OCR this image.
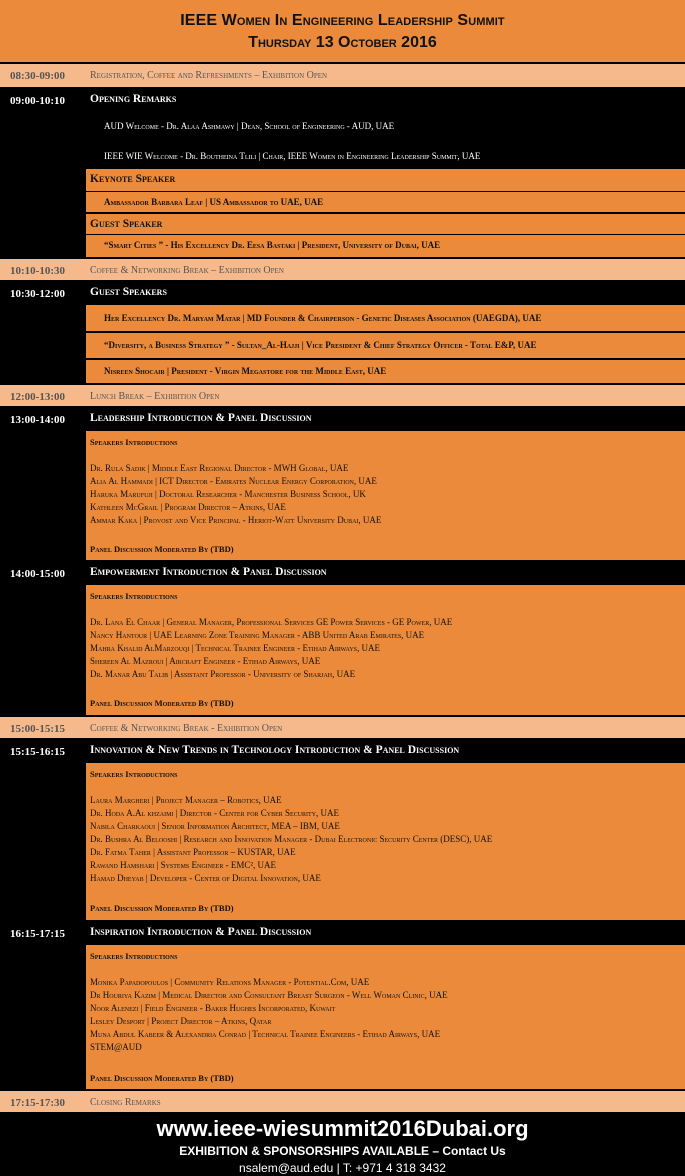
IEEE Women In Engineering Leadership Summit
Thursday 13 October 2016
08:30-09:00	Registration, Coffee and Refreshments – Exhibition Open
09:00-10:10	Opening Remarks
AUD Welcome - Dr. Alaa Ashmawy | Dean, School of Engineering - AUD, UAE
IEEE WIE Welcome - Dr. Boutheina Tlili | Chair, IEEE Women in Engineering Leadership Summit, UAE
Keynote Speaker
Ambassador Barbara Leaf | US Ambassador to UAE, UAE
Guest Speaker
“Smart Cities ” - His Excellency Dr. Eesa Bastaki | President, University of Dubai, UAE
10:10-10:30	Coffee & Networking Break – Exhibition Open
10:30-12:00	Guest Speakers
Her Excellency Dr. Maryam Matar | MD Founder & Chairperson - Genetic Diseases Association (UAEGDA), UAE
“Diversity, a Business Strategy ” - Sultan_Al-Hajji | Vice President & Chief Strategy Officer - Total E&P, UAE
Nisreen Shocair | President - Virgin Megastore for the Middle East, UAE
12:00-13:00	Lunch Break – Exhibition Open
13:00-14:00	Leadership Introduction & Panel Discussion
Speakers Introductions
Dr. Rula Sadik | Middle East Regional Director - MWH Global, UAE
Alia Al Hammadi | ICT Director - Emirates Nuclear Energy Corporation, UAE
Haruka Marufuji | Doctoral Researcher - Manchester Business School, UK
Kathleen McGrail | Program Director – Atkins, UAE
Ammar Kaka | Provost and Vice Principal - Heriot-Watt University Dubai, UAE
Panel Discussion Moderated By (TBD)
14:00-15:00	Empowerment Introduction & Panel Discussion
Speakers Introductions
Dr. Lana El Chaar | General Manager, Professional Services GE Power Services - GE Power, UAE
Nancy Hantour | UAE Learning Zone Training Manager - ABB United Arab Emirates, UAE
Mahra Khalid AlMarzouqi | Technical Trainee Engineer - Etihad Airways, UAE
Shereen Al Mazroui | Aircraft Engineer - Etihad Airways, UAE
Dr. Manar Abu Talib | Assistant Professor - University of Sharjah, UAE
Panel Discussion Moderated By (TBD)
15:00-15:15	Coffee & Networking Break - Exhibition Open
15:15-16:15	Innovation & New Trends in Technology Introduction & Panel Discussion
Speakers Introductions
Laura Margheri | Project Manager – Robotics, UAE
Dr. Hoda A.Al khzaimi | Director - Center for Cyber Security, UAE
Nabila Charkaoui | Senior Information Architect, MEA – IBM, UAE
Dr. Bushra Al Belooshi | Research and Innovation Manager - Dubai Electronic Security Center (DESC), UAE
Dr. Fatma Taher | Assistant Professor – KUSTAR, UAE
Rawand Hamshari | Systems Engineer - EMC², UAE
Hamad Dheyab | Developer - Center of Digital Innovation, UAE
Panel Discussion Moderated By (TBD)
16:15-17:15	Inspiration Introduction & Panel Discussion
Speakers Introductions
Monika Papadopoulos | Community Relations Manager - Potential.Com, UAE
Dr Houriya Kazim | Medical Director and Consultant Breast Surgeon - Well Woman Clinic, UAE
Noor Alenezi | Field Engineer - Baker Hughes Incorporated, Kuwait
Lesley Desport | Project Director – Atkins, Qatar
Muna Abdul Kabeer & Alexandria Conrad | Technical Trainee Engineers - Etihad Airways, UAE
STEM@AUD
Panel Discussion Moderated By (TBD)
17:15-17:30	Closing Remarks
www.ieee-wiesummit2016Dubai.org
EXHIBITION & SPONSORSHIPS AVAILABLE – Contact Us
nsalem@aud.edu | T: +971 4 318 3432
